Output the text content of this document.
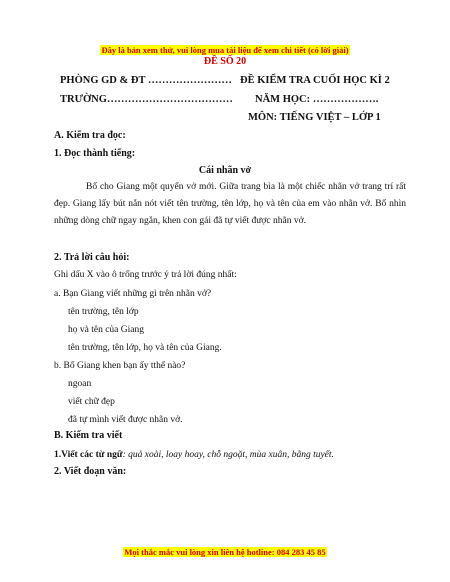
Đây là bản xem thử, vui lòng mua tài liệu để xem chi tiết (có lời giải)
ĐỀ SỐ 20
PHÒNG GD & ĐT …………………… ĐỀ KIỂM TRA CUỐI HỌC KÌ 2
TRƯỜNG……………………………… NĂM HỌC: ……………….
MÔN: TIẾNG VIỆT – LỚP 1
A. Kiểm tra đọc:
1. Đọc thành tiếng:
Cái nhãn vở
Bố cho Giang một quyển vở mới. Giữa trang bìa là một chiếc nhãn vở trang trí rất đẹp. Giang lấy bút nắn nót viết tên trường, tên lớp, họ và tên của em vào nhãn vở. Bố nhìn những dòng chữ ngay ngắn, khen con gái đã tự viết được nhãn vở.
2. Trả lời câu hỏi:
Ghi dấu X vào ô trống trước ý trả lời đúng nhất:
a. Bạn Giang viết những gì trên nhãn vở?
tên trường, tên lớp
họ và tên của Giang
tên trường, tên lớp, họ và tên của Giang.
b. Bố Giang khen bạn ấy tthế nào?
ngoan
viết chữ đẹp
đã tự mình viết được nhãn vở.
B. Kiểm tra viết
1.Viết các từ ngữ: quả xoài, loay hoay, chỗ ngoặt, mùa xuân, bãng tuyết.
2. Viết đoạn văn:
Mọi thắc mắc vui lòng xin liên hệ hotline: 084 283 45 85
